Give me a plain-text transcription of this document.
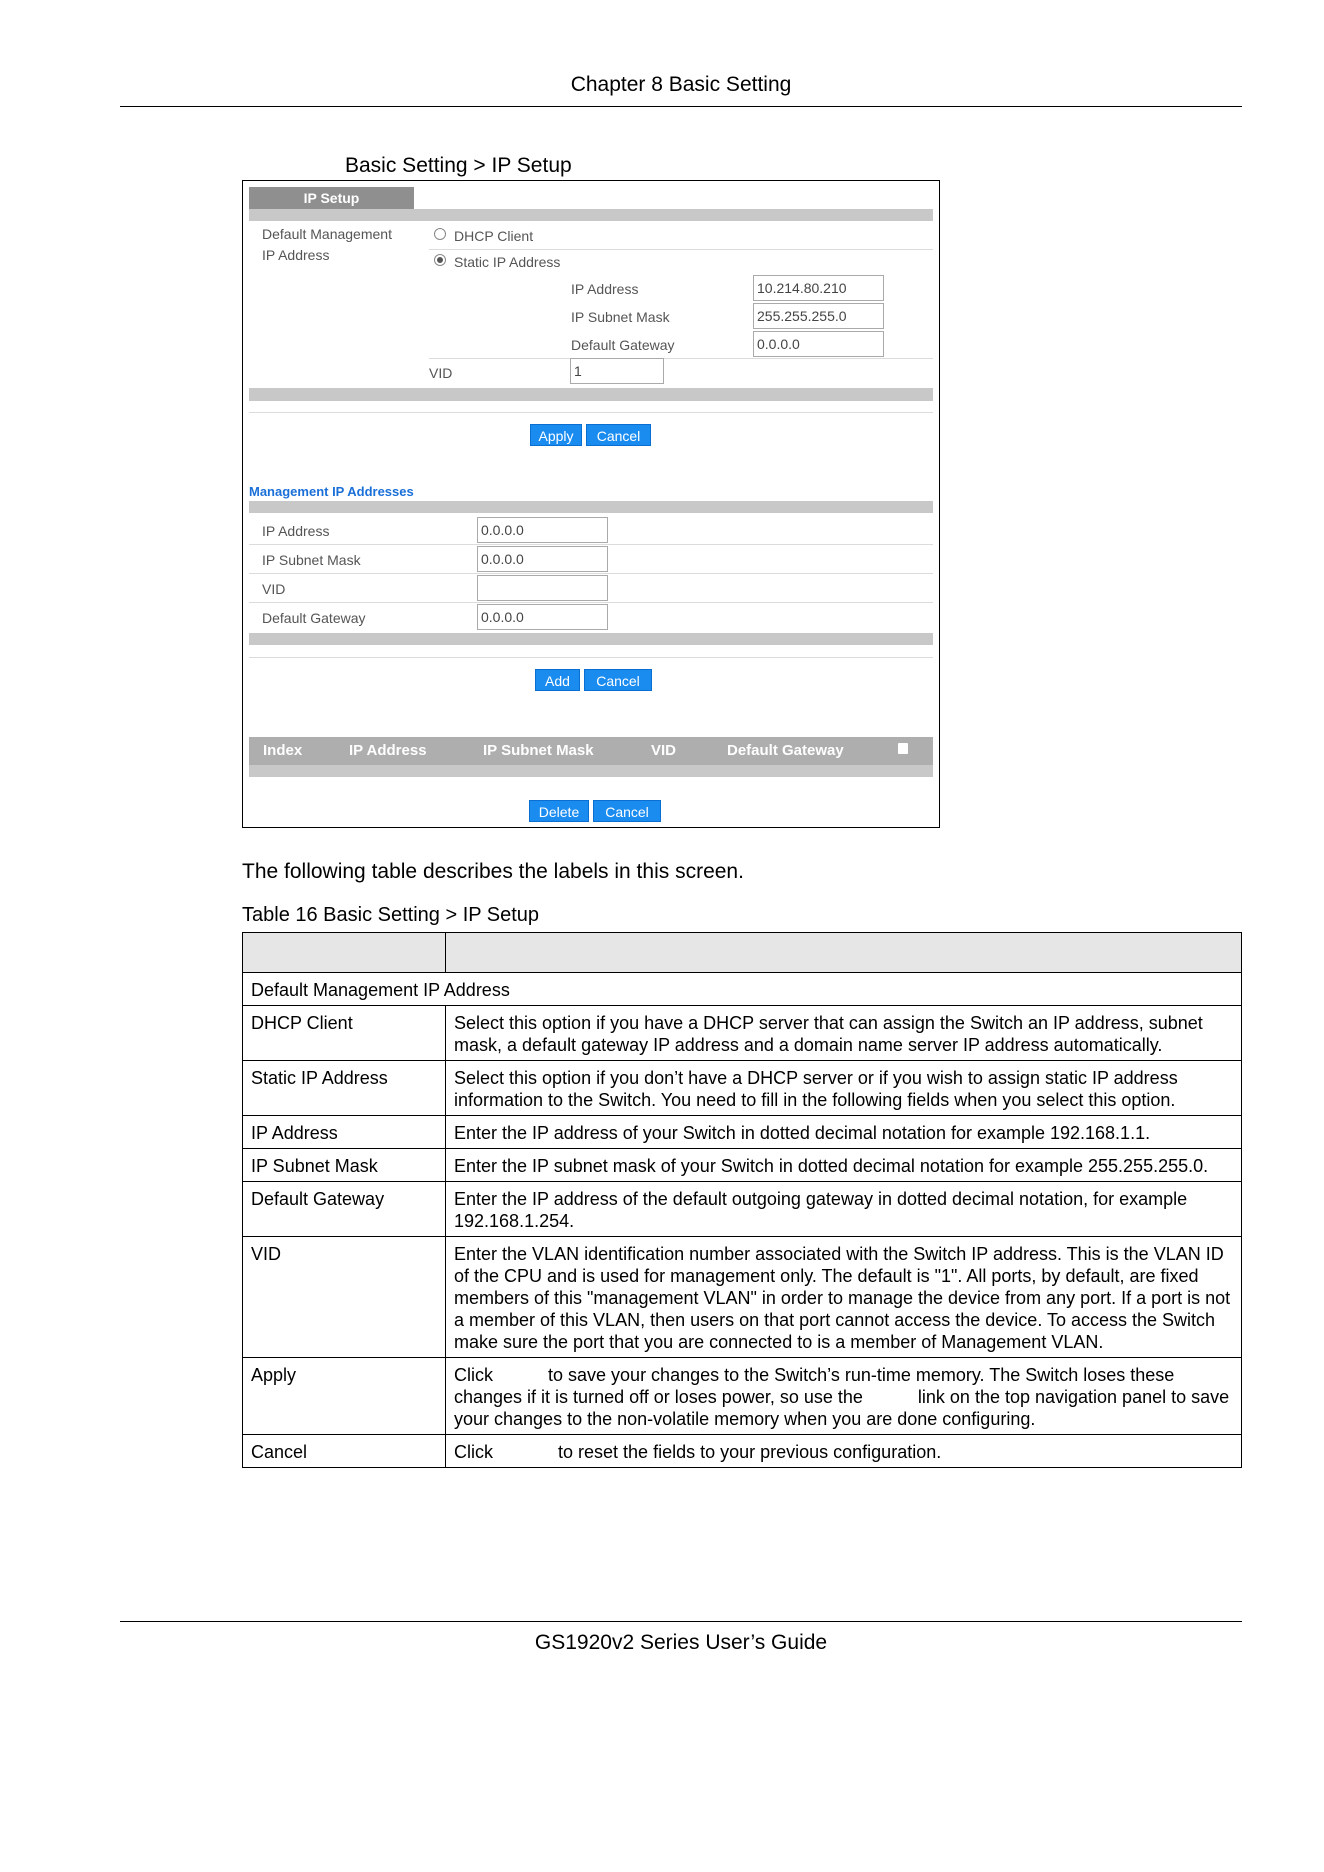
Chapter 8 Basic Setting
Basic Setting > IP Setup
IP Setup
Default Management
IP Address
DHCP Client
Static IP Address
IP Address	10.214.80.210
IP Subnet Mask	255.255.255.0
Default Gateway	0.0.0.0
VID	1
Apply	Cancel
Management IP Addresses
IP Address	0.0.0.0
IP Subnet Mask	0.0.0.0
VID
Default Gateway	0.0.0.0
Add	Cancel
Index	IP Address	IP Subnet Mask	VID	Default Gateway
Delete	Cancel
The following table describes the labels in this screen.
Table 16 Basic Setting > IP Setup

Default Management IP Address	
DHCP Client	Select this option if you have a DHCP server that can assign the Switch an IP address, subnet mask, a default gateway IP address and a domain name server IP address automatically.
Static IP Address	Select this option if you don’t have a DHCP server or if you wish to assign static IP address information to the Switch. You need to fill in the following fields when you select this option.
IP Address	Enter the IP address of your Switch in dotted decimal notation for example 192.168.1.1.
IP Subnet Mask	Enter the IP subnet mask of your Switch in dotted decimal notation for example 255.255.255.0.
Default Gateway	Enter the IP address of the default outgoing gateway in dotted decimal notation, for example 192.168.1.254.
VID	Enter the VLAN identification number associated with the Switch IP address. This is the VLAN ID of the CPU and is used for management only. The default is "1". All ports, by default, are fixed members of this "management VLAN" in order to manage the device from any port. If a port is not a member of this VLAN, then users on that port cannot access the device. To access the Switch make sure the port that you are connected to is a member of Management VLAN.
Apply	Click           to save your changes to the Switch’s run-time memory. The Switch loses these changes if it is turned off or loses power, so use the           link on the top navigation panel to save your changes to the non-volatile memory when you are done configuring.
Cancel	Click             to reset the fields to your previous configuration.
GS1920v2 Series User’s Guide
